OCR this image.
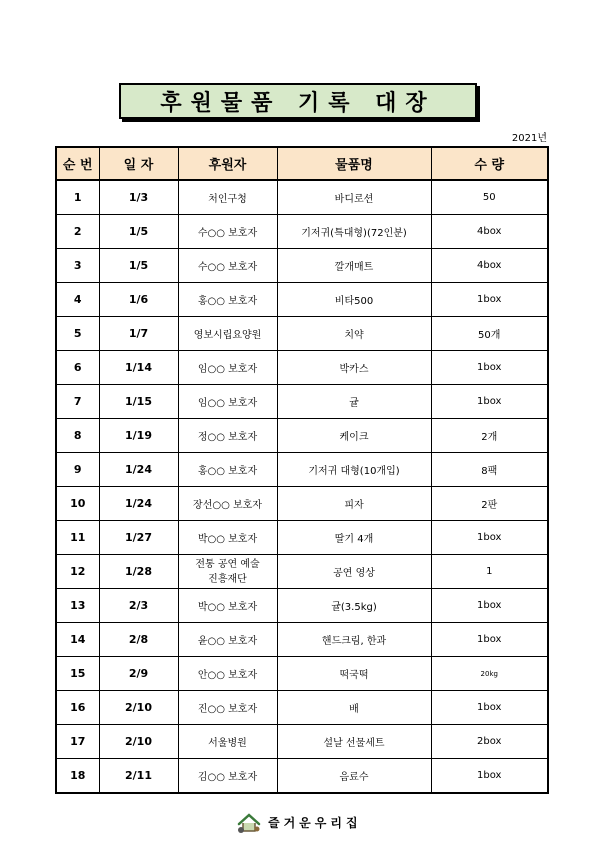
후원물품 기록 대장
2021년
순 번	일 자	후원자	물품명	수 량
1	1/3	처인구청	바디로션	50
2	1/5	수○○ 보호자	기저귀(특대형)(72인분)	4box
3	1/5	수○○ 보호자	깔개매트	4box
4	1/6	홍○○ 보호자	비타500	1box
5	1/7	영보시립요양원	치약	50개
6	1/14	임○○ 보호자	박카스	1box
7	1/15	임○○ 보호자	귤	1box
8	1/19	정○○ 보호자	케이크	2개
9	1/24	홍○○ 보호자	기저귀 대형(10개입)	8팩
10	1/24	장선○○ 보호자	피자	2판
11	1/27	박○○ 보호자	딸기 4개	1box
12	1/28	전통 공연 예술
진흥재단	공연 영상	1
13	2/3	박○○ 보호자	귤(3.5kg)	1box
14	2/8	윤○○ 보호자	핸드크림, 한과	1box
15	2/9	안○○ 보호자	떡국떡	20kg
16	2/10	진○○ 보호자	배	1box
17	2/10	서울병원	설날 선물세트	2box
18	2/11	김○○ 보호자	음료수	1box
즐거운우리집
